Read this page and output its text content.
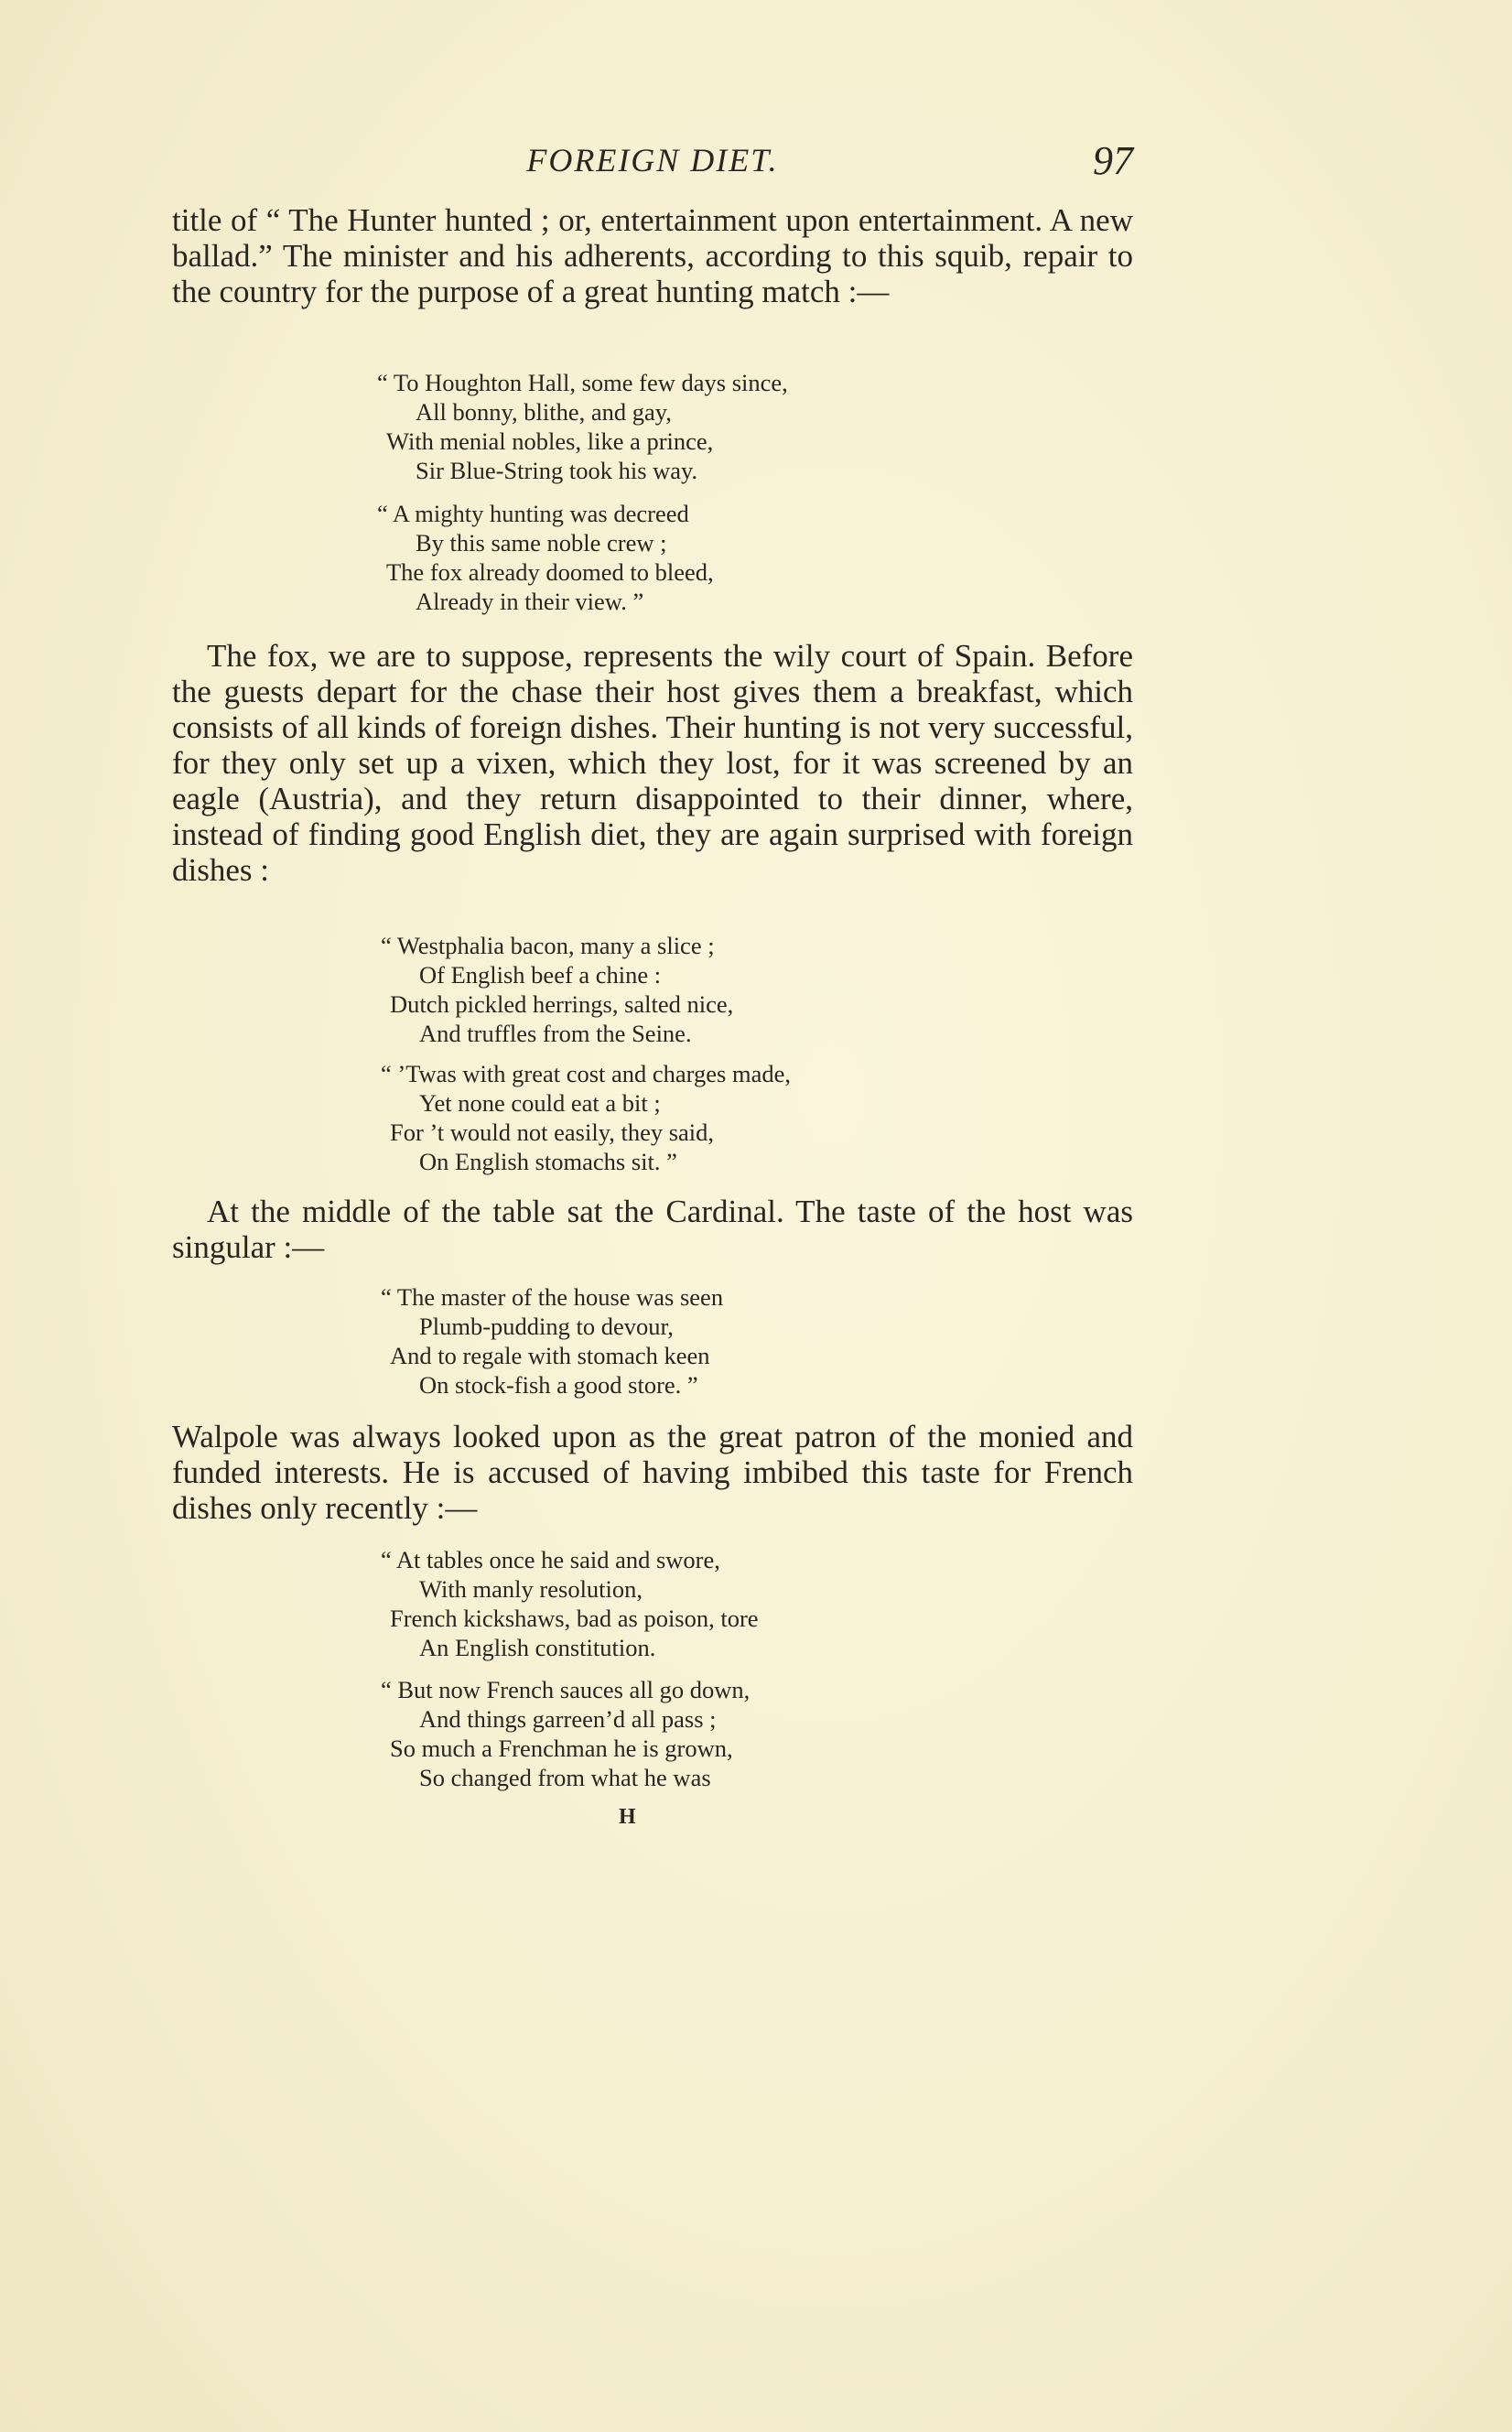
FOREIGN DIET.	97

title of “ The Hunter hunted ; or, entertainment upon entertainment. A new ballad.” The minister and his adherents, according to this squib, repair to the country for the purpose of a great hunting match :—

“ To Houghton Hall, some few days since,
All bonny, blithe, and gay,
With menial nobles, like a prince,
Sir Blue-String took his way.
“ A mighty hunting was decreed
By this same noble crew ;
The fox already doomed to bleed,
Already in their view. ”

The fox, we are to suppose, represents the wily court of Spain. Before the guests depart for the chase their host gives them a breakfast, which consists of all kinds of foreign dishes. Their hunting is not very successful, for they only set up a vixen, which they lost, for it was screened by an eagle (Austria), and they return disappointed to their dinner, where, instead of finding good English diet, they are again surprised with foreign dishes :

“ Westphalia bacon, many a slice ;
Of English beef a chine :
Dutch pickled herrings, salted nice,
And truffles from the Seine.
“ ’Twas with great cost and charges made,
Yet none could eat a bit ;
For ’t would not easily, they said,
On English stomachs sit. ”

At the middle of the table sat the Cardinal. The taste of the host was singular :—

“ The master of the house was seen
Plumb-pudding to devour,
And to regale with stomach keen
On stock-fish a good store. ”

Walpole was always looked upon as the great patron of the monied and funded interests. He is accused of having imbibed this taste for French dishes only recently :—

“ At tables once he said and swore,
With manly resolution,
French kickshaws, bad as poison, tore
An English constitution.
“ But now French sauces all go down,
And things garreen’d all pass ;
So much a Frenchman he is grown,
So changed from what he was
H
